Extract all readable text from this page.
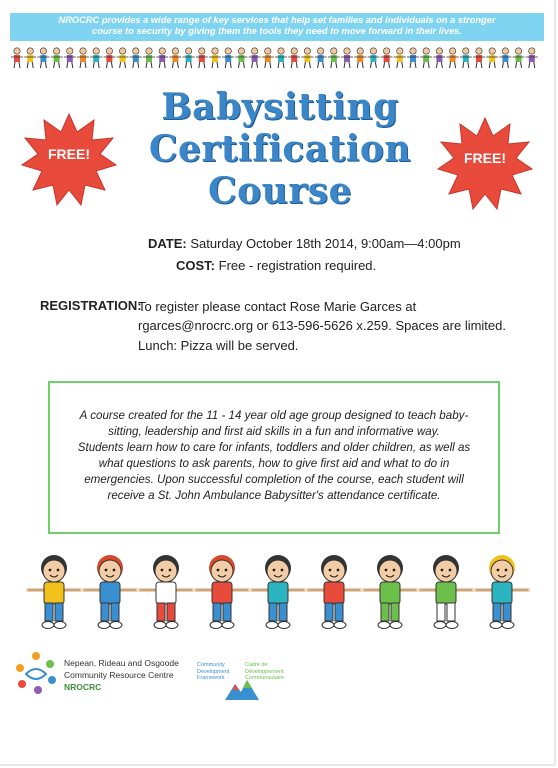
NROCRC provides a wide range of key services that help set families and individuals on a stronger
course to security by giving them the tools they need to move forward in their lives.
FREE!	FREE!
Babysitting
Certification
Course
DATE: Saturday October 18th 2014, 9:00am—4:00pm
COST: Free - registration required.
REGISTRATION:
To register please contact Rose Marie Garces at
rgarces@nrocrc.org or 613-596-5626 x.259. Spaces are limited.
Lunch: Pizza will be served.
A course created for the 11 - 14 year old age group designed to teach baby-
sitting, leadership and first aid skills in a fun and informative way.
Students learn how to care for infants, toddlers and older children, as well as
what questions to ask parents, how to give first aid and what to do in
emergencies. Upon successful completion of the course, each student will
receive a St. John Ambulance Babysitter's attendance certificate.
Nepean, Rideau and Osgoode
Community Resource Centre
NROCRC
Community
Development
Framework
Cadre de
Développement
Communautaire
